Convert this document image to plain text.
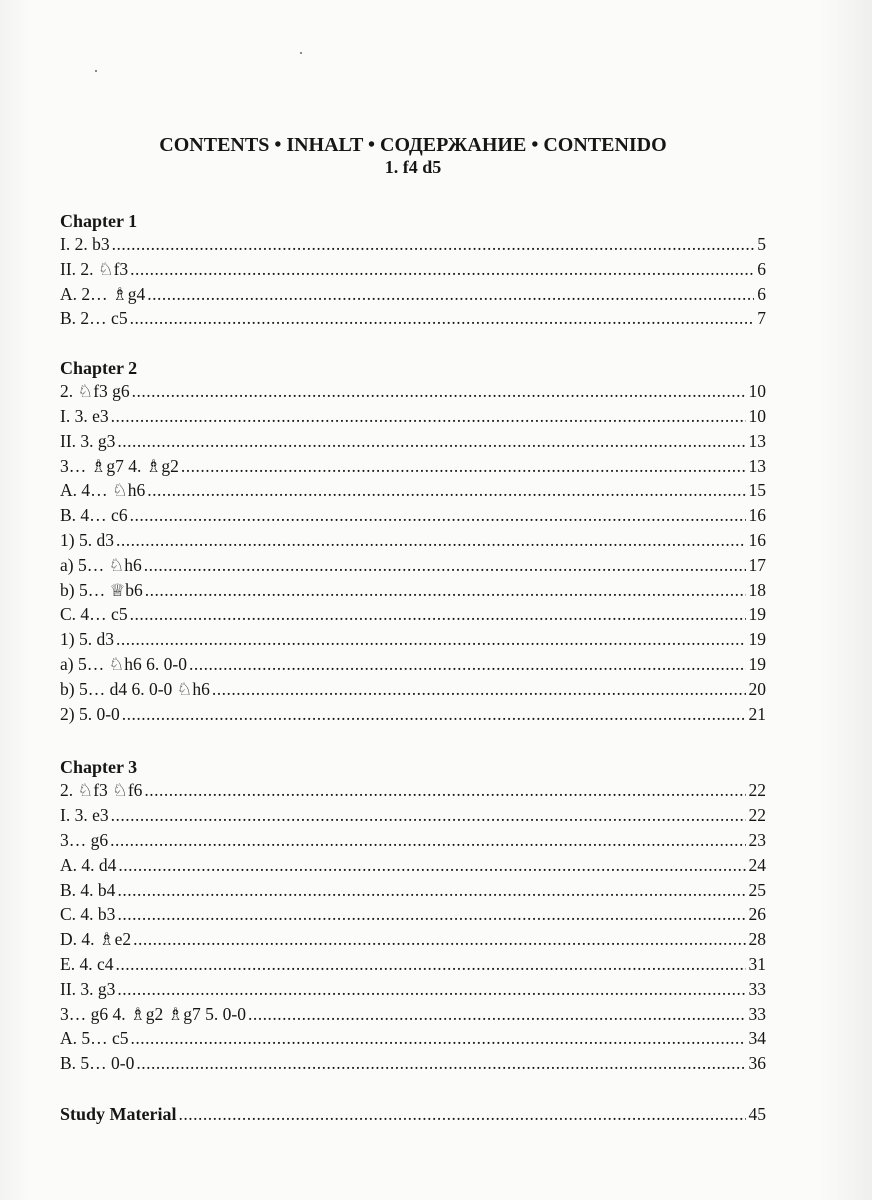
CONTENTS • INHALT • СОДЕРЖАНИЕ • CONTENIDO
1. f4 d5
Chapter 1
I. 2. b3 .....	5
II. 2. ♘f3 .....	6
A. 2… ♗g4 .....	6
B. 2… c5 .....	7
Chapter 2
2. ♘f3 g6 .....	10
I. 3. e3 .....	10
II. 3. g3 .....	13
3… ♗g7 4. ♗g2 .....	13
A. 4… ♘h6 .....	15
B. 4… c6 .....	16
1) 5. d3 .....	16
a) 5… ♘h6 .....	17
b) 5… ♕b6 .....	18
C. 4… c5 .....	19
1) 5. d3 .....	19
a) 5… ♘h6 6. 0-0 .....	19
b) 5… d4 6. 0-0 ♘h6 .....	20
2) 5. 0-0 .....	21
Chapter 3
2. ♘f3 ♘f6 .....	22
I. 3. e3 .....	22
3… g6 .....	23
A. 4. d4 .....	24
B. 4. b4 .....	25
C. 4. b3 .....	26
D. 4. ♗e2 .....	28
E. 4. c4 .....	31
II. 3. g3 .....	33
3… g6 4. ♗g2 ♗g7 5. 0-0 .....	33
A. 5… c5 .....	34
B. 5… 0-0 .....	36
Study Material .....	45
